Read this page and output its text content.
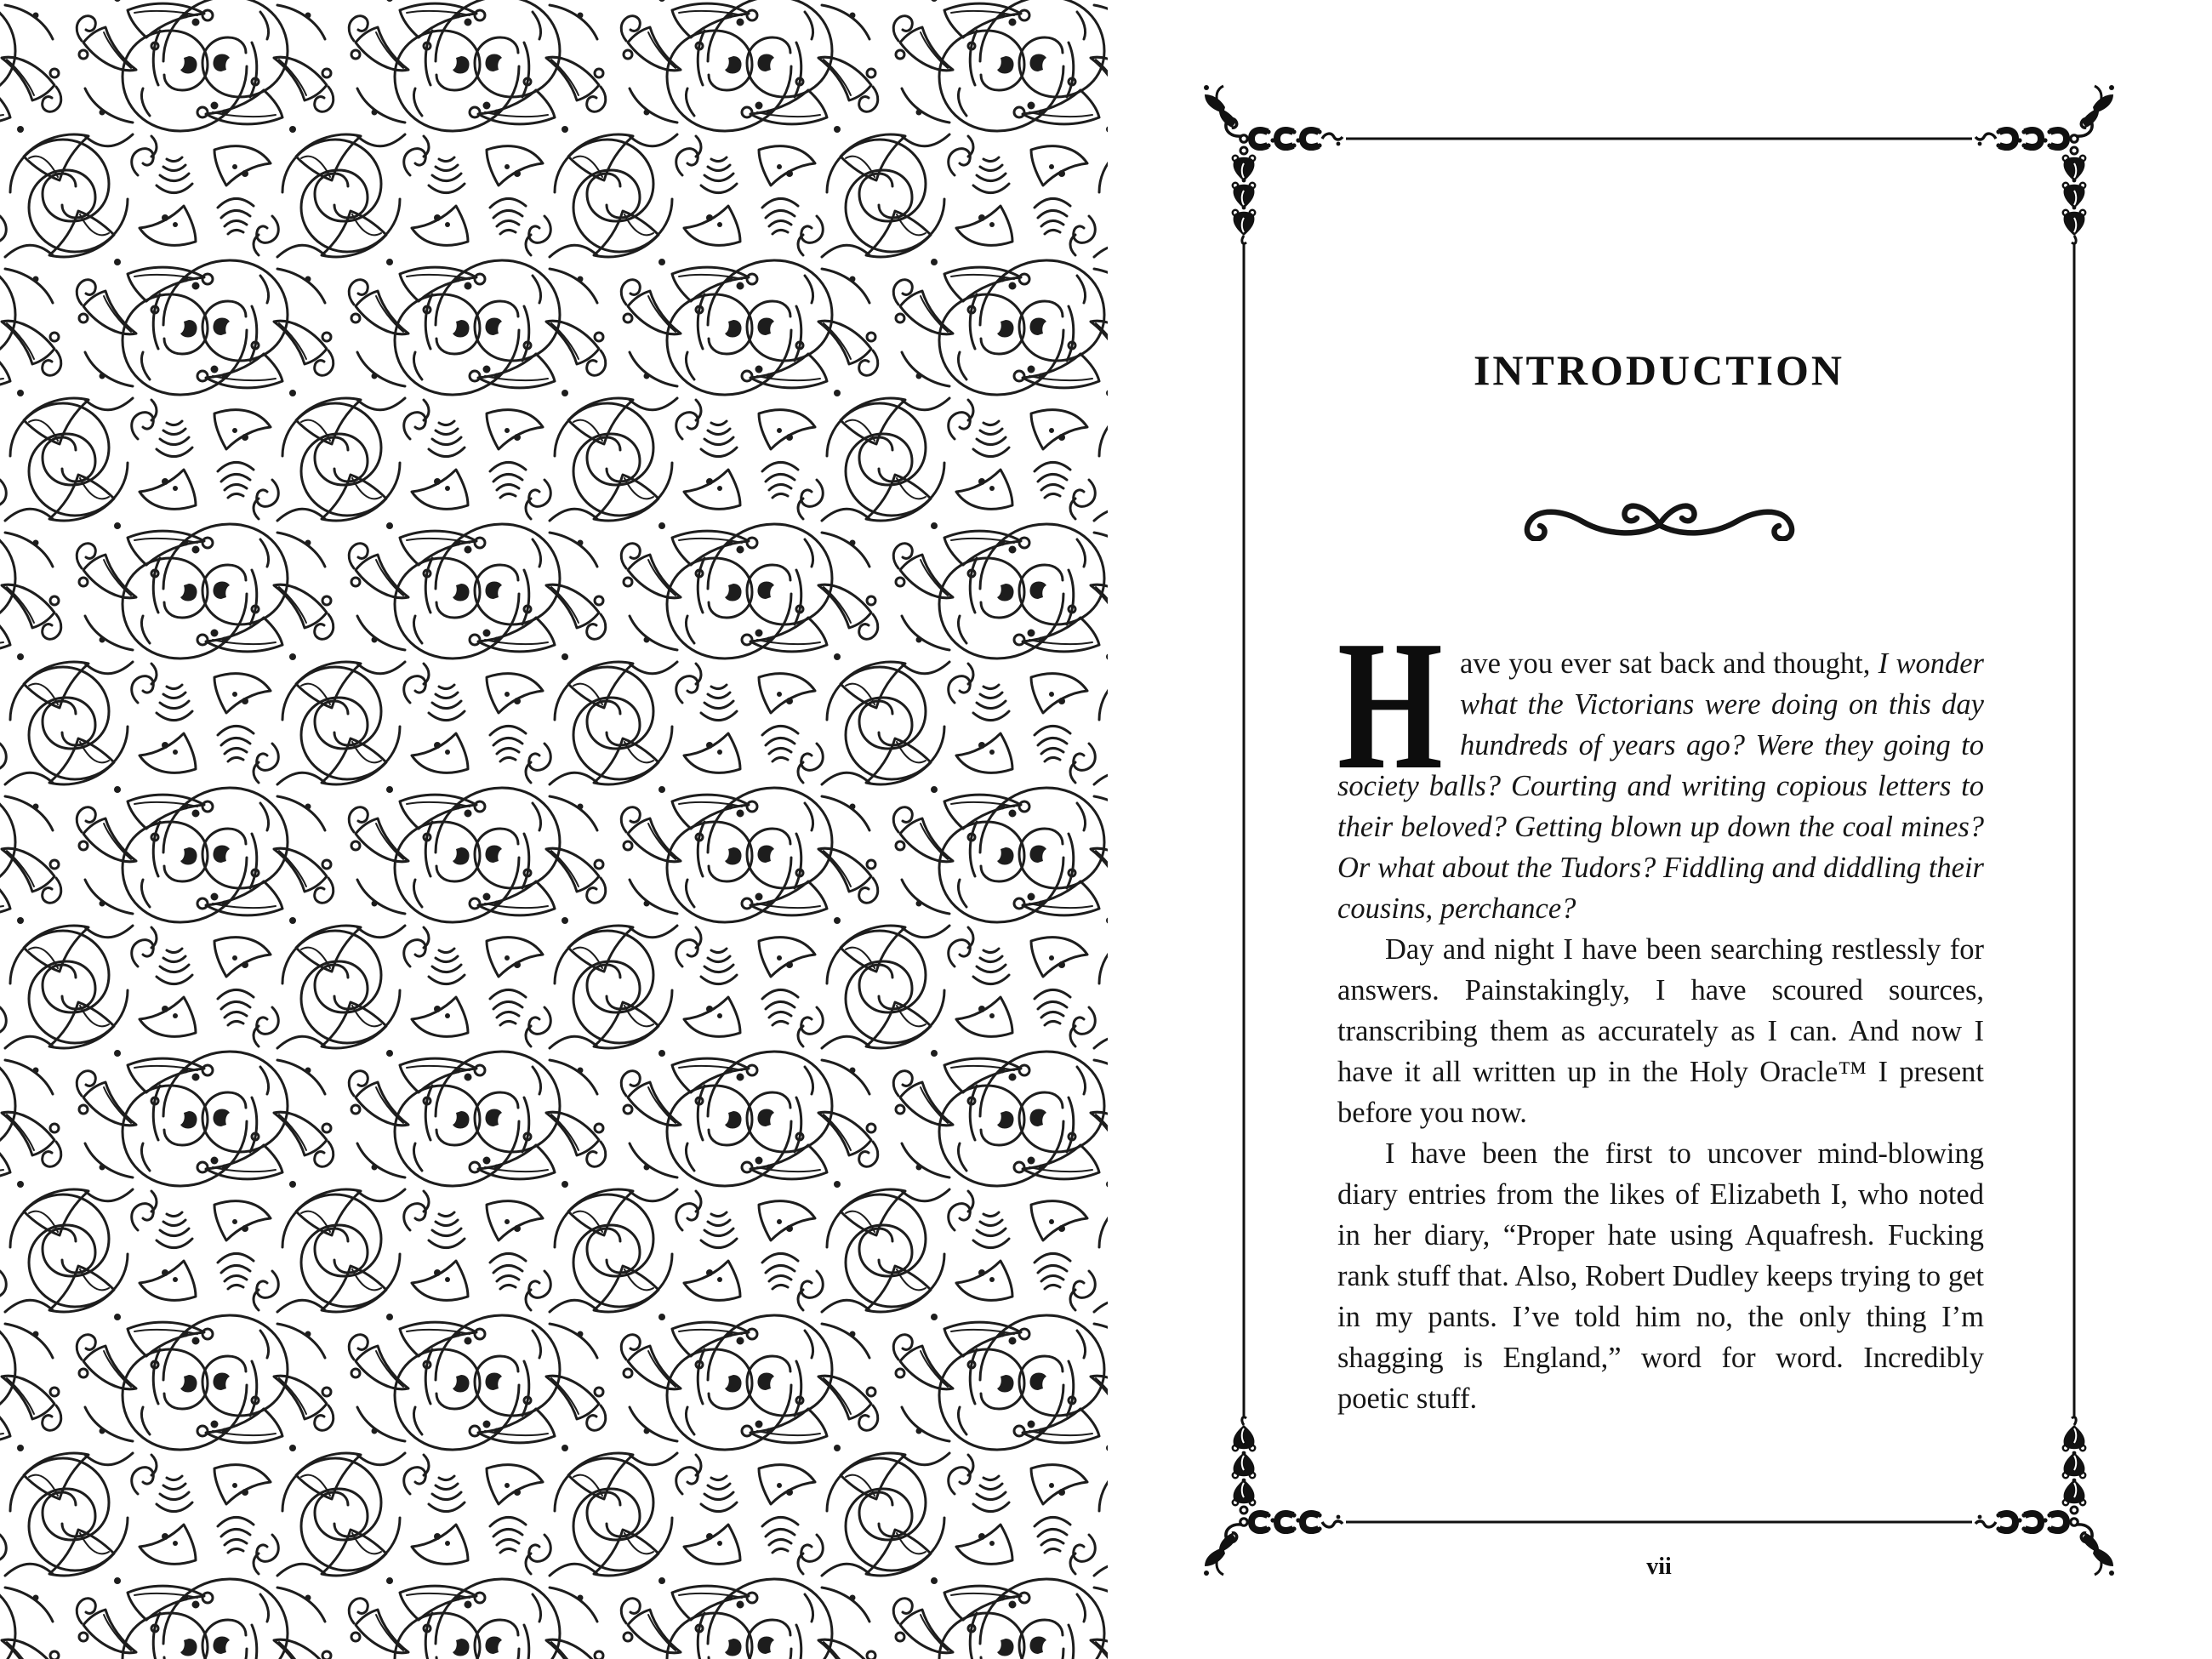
INTRODUCTION

Have you ever sat back and thought, I wonder what the Victorians were doing on this day hundreds of years ago? Were they going to society balls? Courting and writing copious letters to their beloved? Getting blown up down the coal mines? Or what about the Tudors? Fiddling and diddling their cousins, perchance?

Day and night I have been searching restlessly for answers. Painstakingly, I have scoured sources, transcribing them as accurately as I can. And now I have it all written up in the Holy Oracle™ I present before you now.

I have been the first to uncover mind-blowing diary entries from the likes of Elizabeth I, who noted in her diary, “Proper hate using Aquafresh. Fucking rank stuff that. Also, Robert Dudley keeps trying to get in my pants. I’ve told him no, the only thing I’m shagging is England,” word for word. Incredibly poetic stuff.

vii
